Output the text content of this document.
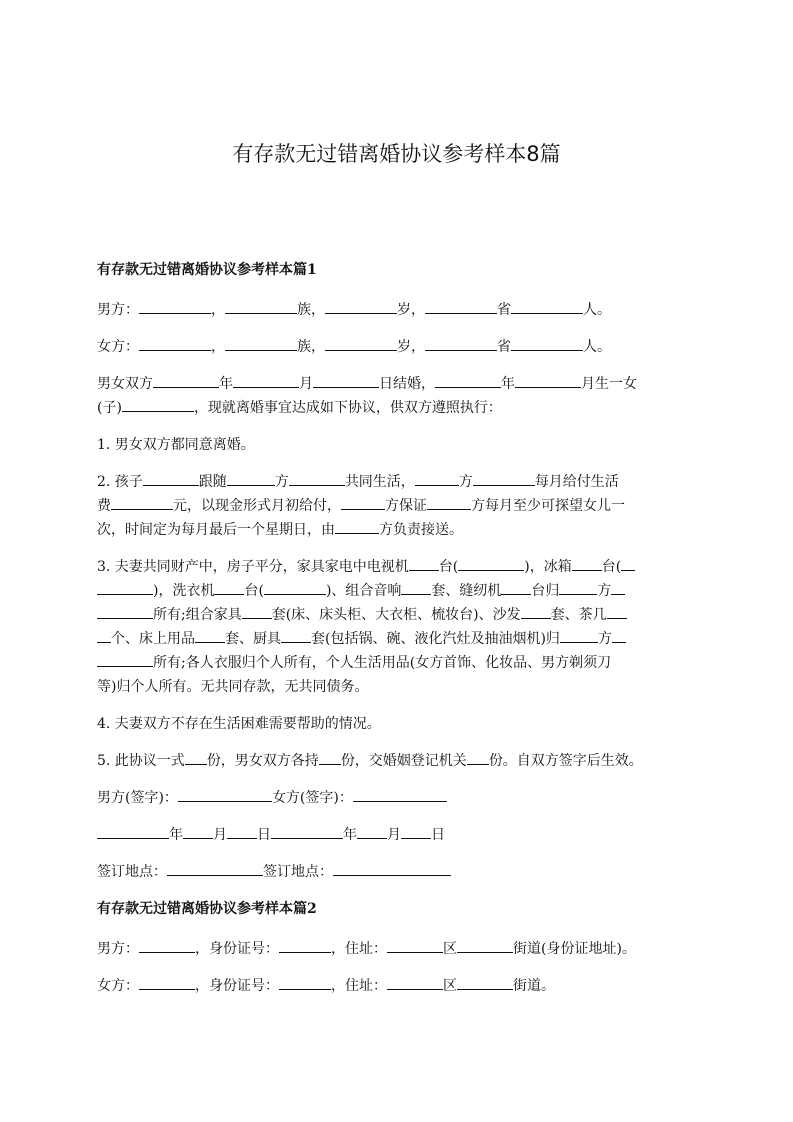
有存款无过错离婚协议参考样本8篇

有存款无过错离婚协议参考样本篇1

男方：	，	族，	岁，	省	人。

女方：	，	族，	岁，	省	人。

男女双方	年	月	日结婚，	年	月生一女

(子)	，现就离婚事宜达成如下协议，供双方遵照执行：

1. 男女双方都同意离婚。

2. 孩子	跟随	方	共同生活，	方	每月给付生活

费	元，以现金形式月初给付，	方保证	方每月至少可探望女儿一

次，时间定为每月最后一个星期日，由	方负责接送。

3. 夫妻共同财产中，房子平分，家具家电中电视机 台(	)，冰箱 台(

)，洗衣机 台(	)、组合音响 套、缝纫机 台归	方

所有;组合家具 套(床、床头柜、大衣柜、梳妆台)、沙发 套、茶几

个、床上用品 套、厨具 套(包括锅、碗、液化汽灶及抽油烟机)归	方

所有;各人衣服归个人所有，个人生活用品(女方首饰、化妆品、男方剃须刀

等)归个人所有。无共同存款，无共同债务。

4. 夫妻双方不存在生活困难需要帮助的情况。

5. 此协议一式 份，男女双方各持 份，交婚姻登记机关 份。自双方签字后生效。

男方(签字)：	女方(签字)：

年 月 日	年 月 日

签订地点：	签订地点：

有存款无过错离婚协议参考样本篇2

男方：	，身份证号：	，住址：	区	街道(身份证地址)。

女方：	，身份证号：	，住址：	区	街道。
